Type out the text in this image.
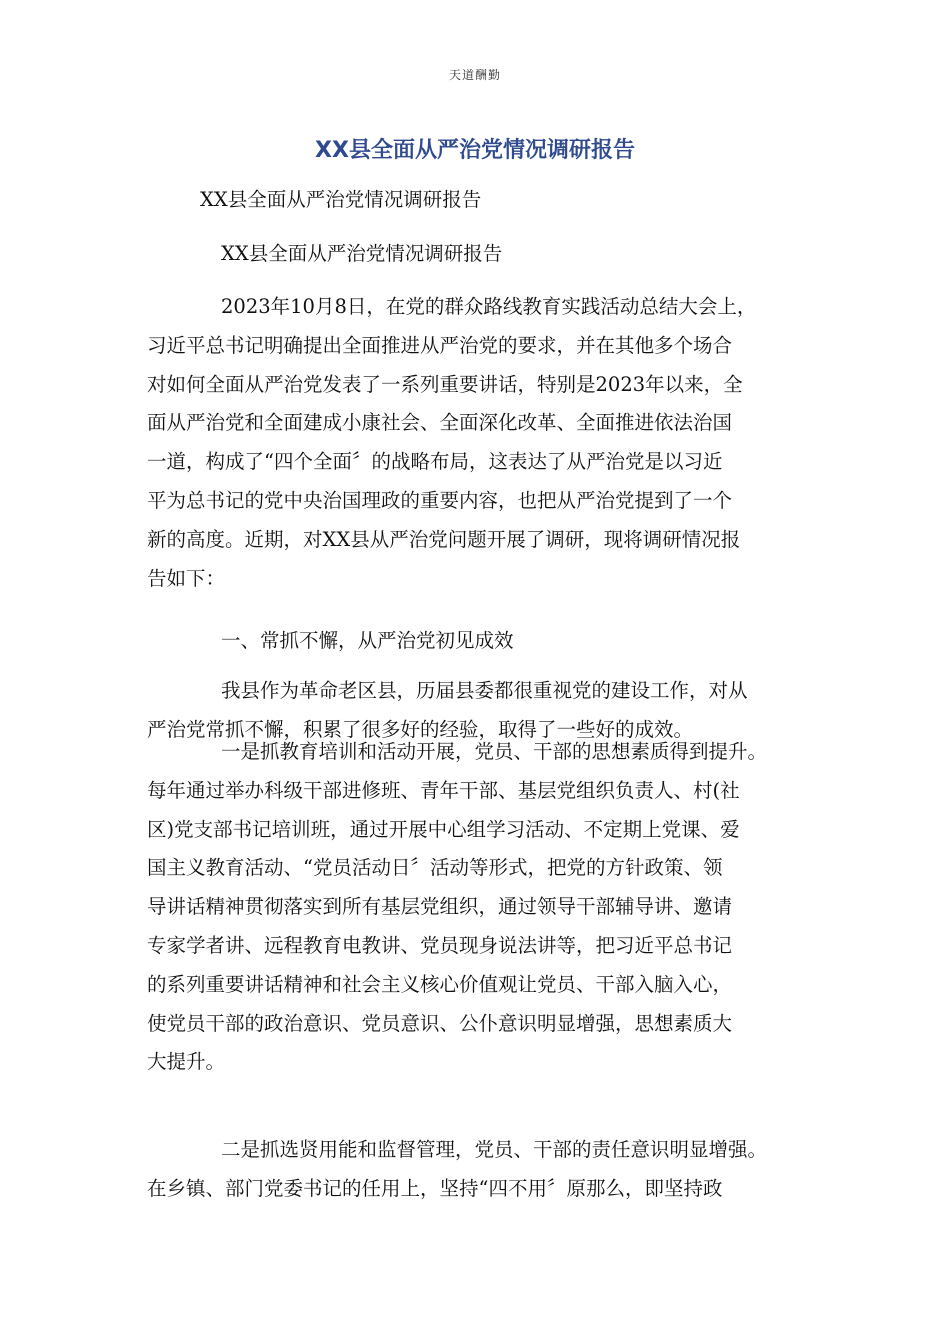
天道酬勤
XX县全面从严治党情况调研报告

XX县全面从严治党情况调研报告

XX县全面从严治党情况调研报告

2023年10月8日，在党的群众路线教育实践活动总结大会上，
习近平总书记明确提出全面推进从严治党的要求，并在其他多个场合
对如何全面从严治党发表了一系列重要讲话，特别是2023年以来，全
面从严治党和全面建成小康社会、全面深化改革、全面推进依法治国
一道，构成了“四个全面〞的战略布局，这表达了从严治党是以习近
平为总书记的党中央治国理政的重要内容，也把从严治党提到了一个
新的高度。近期，对XX县从严治党问题开展了调研，现将调研情况报
告如下：
一、常抓不懈，从严治党初见成效
我县作为革命老区县，历届县委都很重视党的建设工作，对从
严治党常抓不懈，积累了很多好的经验，取得了一些好的成效。
一是抓教育培训和活动开展，党员、干部的思想素质得到提升。
每年通过举办科级干部进修班、青年干部、基层党组织负责人、村(社
区)党支部书记培训班，通过开展中心组学习活动、不定期上党课、爱
国主义教育活动、“党员活动日〞活动等形式，把党的方针政策、领
导讲话精神贯彻落实到所有基层党组织，通过领导干部辅导讲、邀请
专家学者讲、远程教育电教讲、党员现身说法讲等，把习近平总书记
的系列重要讲话精神和社会主义核心价值观让党员、干部入脑入心，
使党员干部的政治意识、党员意识、公仆意识明显增强，思想素质大
大提升。
二是抓选贤用能和监督管理，党员、干部的责任意识明显增强。
在乡镇、部门党委书记的任用上，坚持“四不用〞原那么，即坚持政
